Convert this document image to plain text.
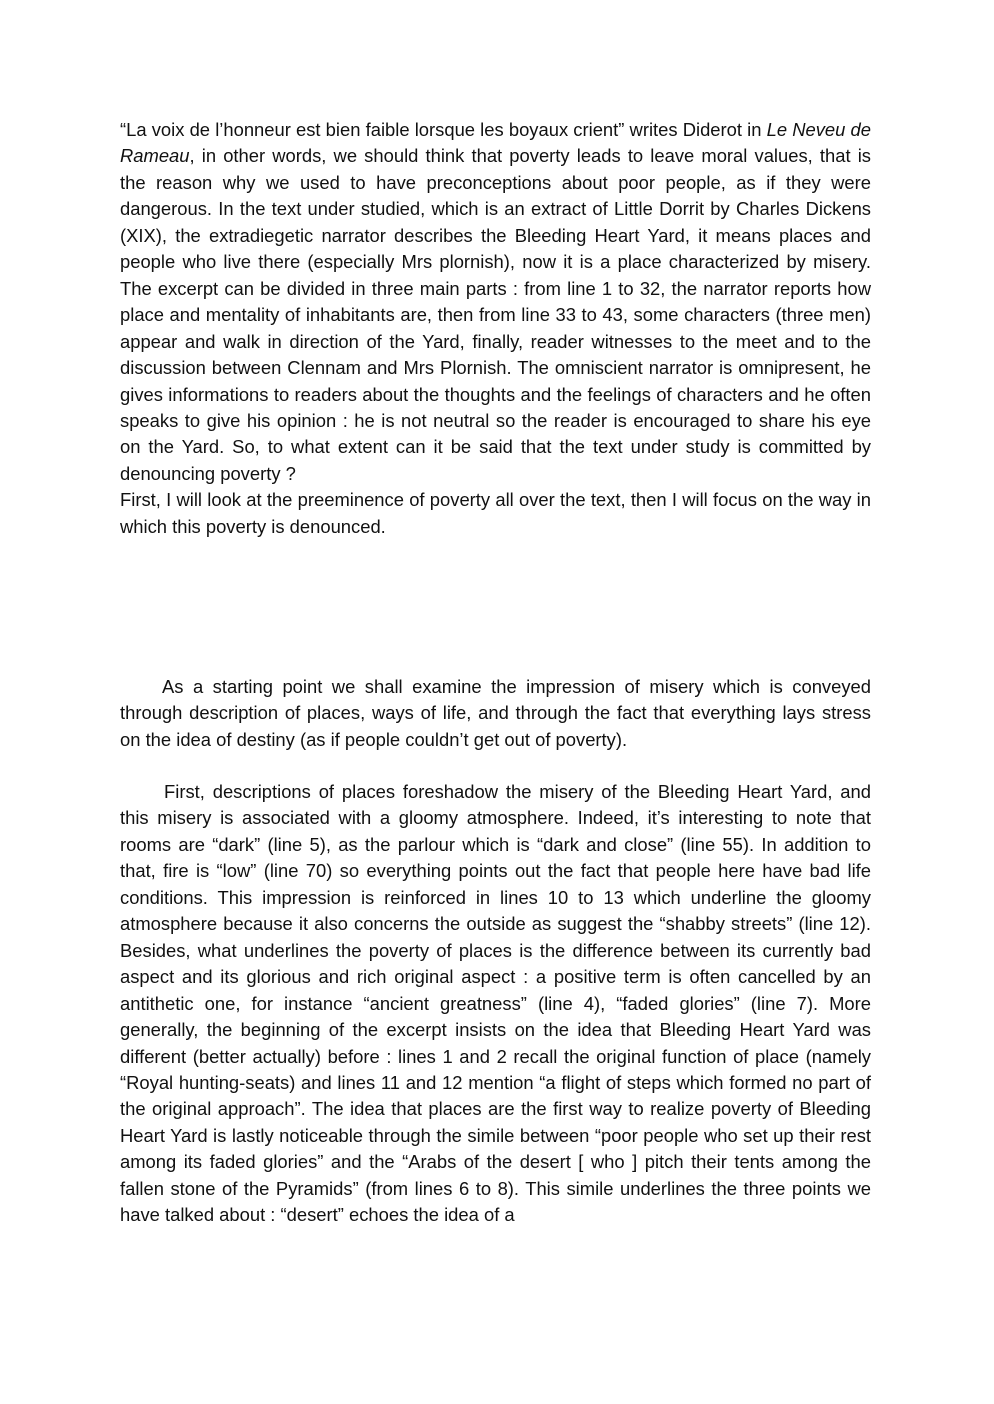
“La voix de l’honneur est bien faible lorsque les boyaux crient” writes Diderot in Le Neveu de Rameau, in other words, we should think that poverty leads to leave moral values, that is the reason why we used to have preconceptions about poor people, as if they were dangerous. In the text under studied, which is an extract of Little Dorrit by Charles Dickens (XIX), the extradiegetic narrator describes the Bleeding Heart Yard, it means places and people who live there (especially Mrs plornish), now it is a place characterized by misery. The excerpt can be divided in three main parts : from line 1 to 32, the narrator reports how place and mentality of inhabitants are, then from line 33 to 43, some characters (three men) appear and walk in direction of the Yard, finally, reader witnesses to the meet and to the discussion between Clennam and Mrs Plornish. The omniscient narrator is omnipresent, he gives informations to readers about the thoughts and the feelings of characters and he often speaks to give his opinion : he is not neutral so the reader is encouraged to share his eye on the Yard. So, to what extent can it be said that the text under study is committed by denouncing poverty ?

First, I will look at the preeminence of poverty all over the text, then I will focus on the way in which this poverty is denounced.

As a starting point we shall examine the impression of misery which is conveyed through description of places, ways of life, and through the fact that everything lays stress on the idea of destiny (as if people couldn’t get out of poverty).

First, descriptions of places foreshadow the misery of the Bleeding Heart Yard, and this misery is associated with a gloomy atmosphere. Indeed, it’s interesting to note that rooms are “dark” (line 5), as the parlour which is “dark and close” (line 55). In addition to that, fire is “low” (line 70) so everything points out the fact that people here have bad life conditions. This impression is reinforced in lines 10 to 13 which underline the gloomy atmosphere because it also concerns the outside as suggest the “shabby streets” (line 12). Besides, what underlines the poverty of places is the difference between its currently bad aspect and its glorious and rich original aspect : a positive term is often cancelled by an antithetic one, for instance “ancient greatness” (line 4), “faded glories” (line 7). More generally, the beginning of the excerpt insists on the idea that Bleeding Heart Yard was different (better actually) before : lines 1 and 2 recall the original function of place (namely “Royal hunting-seats) and lines 11 and 12 mention “a flight of steps which formed no part of the original approach”. The idea that places are the first way to realize poverty of Bleeding Heart Yard is lastly noticeable through the simile between “poor people who set up their rest among its faded glories” and the “Arabs of the desert [ who ] pitch their tents among the fallen stone of the Pyramids” (from lines 6 to 8). This simile underlines the three points we have talked about : “desert” echoes the idea of a
